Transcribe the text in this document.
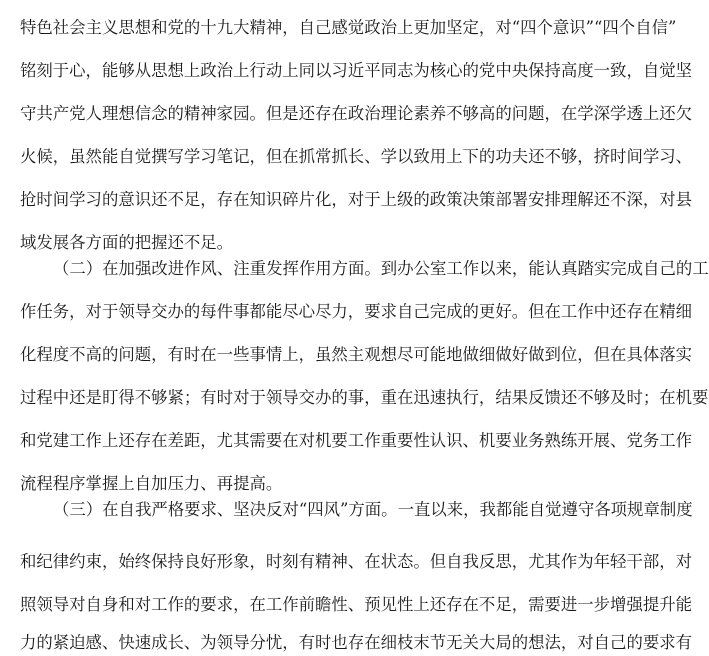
特色社会主义思想和党的十九大精神，自己感觉政治上更加坚定，对“四个意识”“四个自信”
铭刻于心，能够从思想上政治上行动上同以习近平同志为核心的党中央保持高度一致，自觉坚
守共产党人理想信念的精神家园。但是还存在政治理论素养不够高的问题，在学深学透上还欠
火候，虽然能自觉撰写学习笔记，但在抓常抓长、学以致用上下的功夫还不够，挤时间学习、
抢时间学习的意识还不足，存在知识碎片化，对于上级的政策决策部署安排理解还不深，对县
域发展各方面的把握还不足。
（二）在加强改进作风、注重发挥作用方面。到办公室工作以来，能认真踏实完成自己的工
作任务，对于领导交办的每件事都能尽心尽力，要求自己完成的更好。但在工作中还存在精细
化程度不高的问题，有时在一些事情上，虽然主观想尽可能地做细做好做到位，但在具体落实
过程中还是盯得不够紧；有时对于领导交办的事，重在迅速执行，结果反馈还不够及时；在机要
和党建工作上还存在差距，尤其需要在对机要工作重要性认识、机要业务熟练开展、党务工作
流程程序掌握上自加压力、再提高。
（三）在自我严格要求、坚决反对“四风”方面。一直以来，我都能自觉遵守各项规章制度
和纪律约束，始终保持良好形象，时刻有精神、在状态。但自我反思，尤其作为年轻干部，对
照领导对自身和对工作的要求，在工作前瞻性、预见性上还存在不足，需要进一步增强提升能
力的紧迫感、快速成长、为领导分忧，有时也存在细枝末节无关大局的想法，对自己的要求有
